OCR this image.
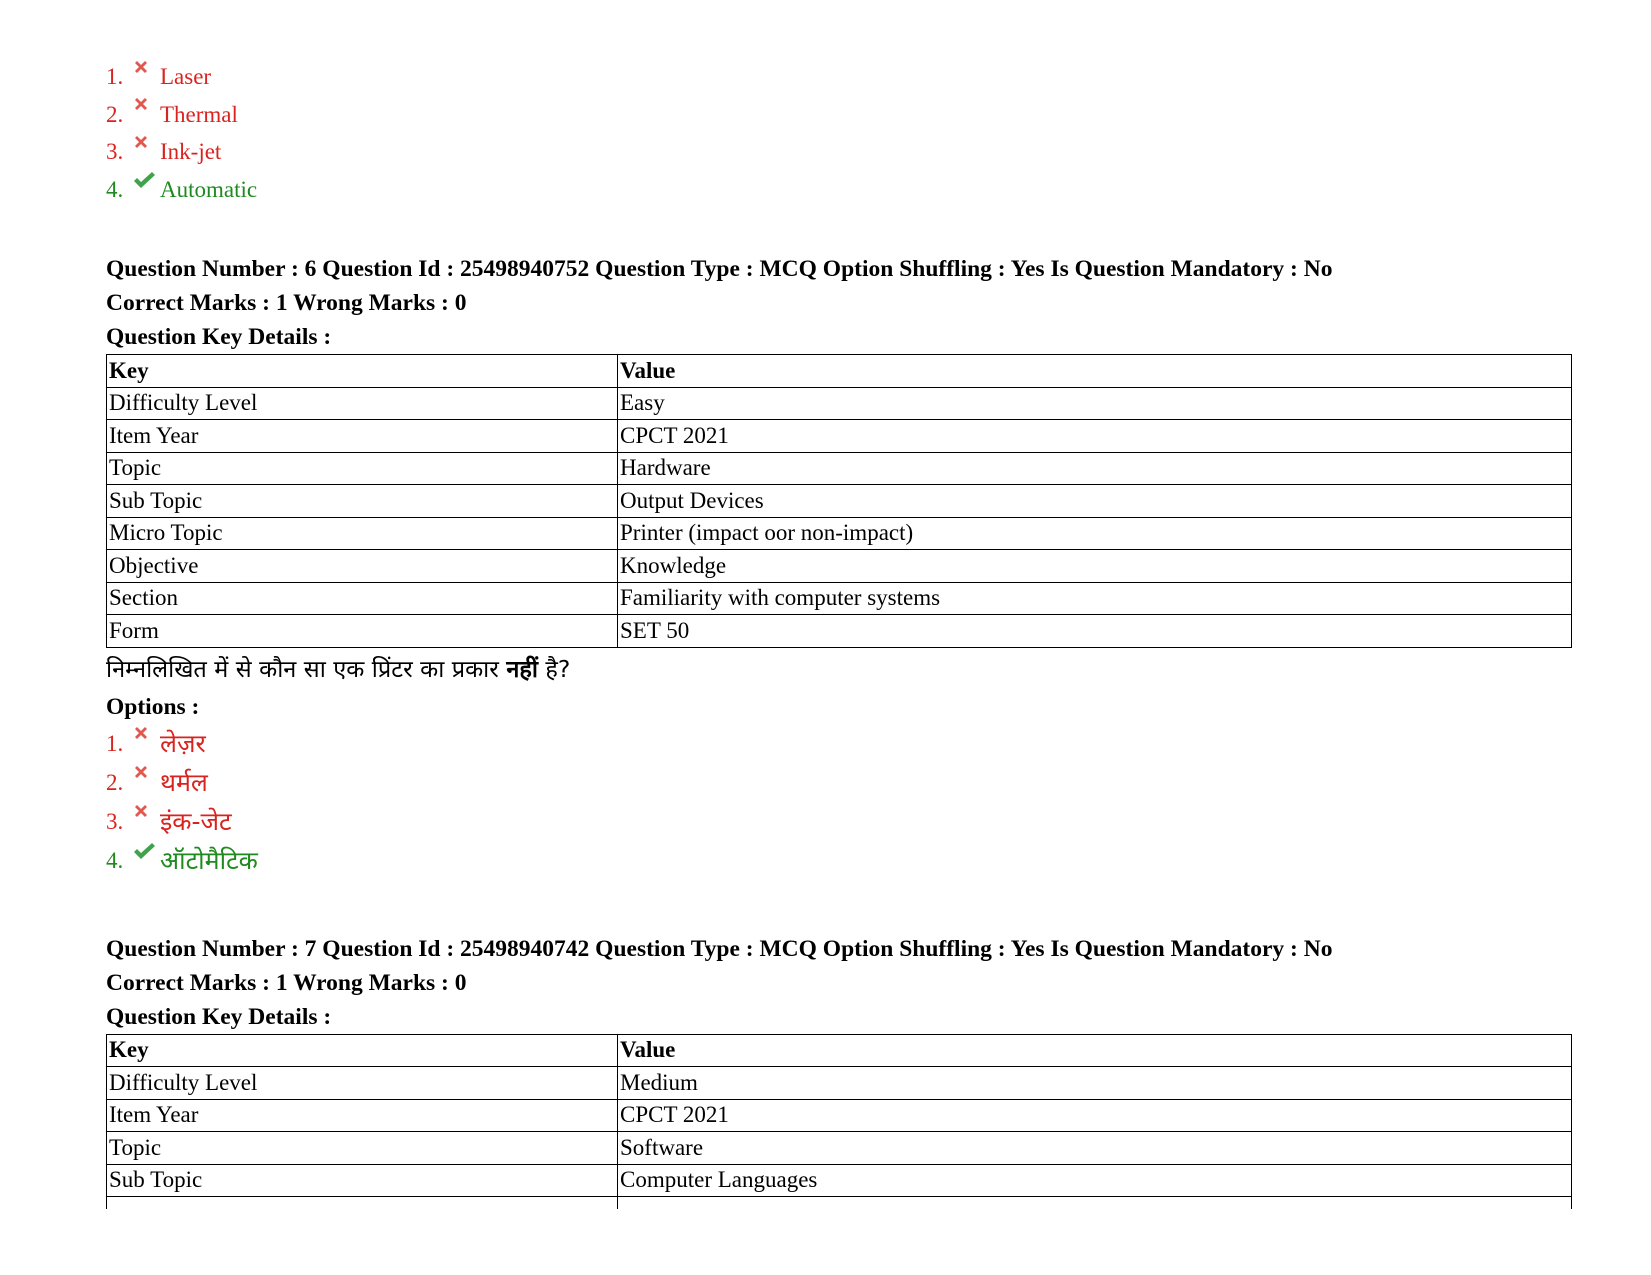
1.	Laser
2.	Thermal
3.	Ink-jet
4.	Automatic
Question Number : 6 Question Id : 25498940752 Question Type : MCQ Option Shuffling : Yes Is Question Mandatory : No
Correct Marks : 1 Wrong Marks : 0
Question Key Details :
Key	Value
Difficulty Level	Easy
Item Year	CPCT 2021
Topic	Hardware
Sub Topic	Output Devices
Micro Topic	Printer (impact oor non-impact)
Objective	Knowledge
Section	Familiarity with computer systems
Form	SET 50
निम्नलिखित में से कौन सा एक प्रिंटर का प्रकार नहीं है?
Options :
1.	लेज़र
2.	थर्मल
3.	इंक-जेट
4.	ऑटोमैटिक
Question Number : 7 Question Id : 25498940742 Question Type : MCQ Option Shuffling : Yes Is Question Mandatory : No
Correct Marks : 1 Wrong Marks : 0
Question Key Details :
Key	Value
Difficulty Level	Medium
Item Year	CPCT 2021
Topic	Software
Sub Topic	Computer Languages
